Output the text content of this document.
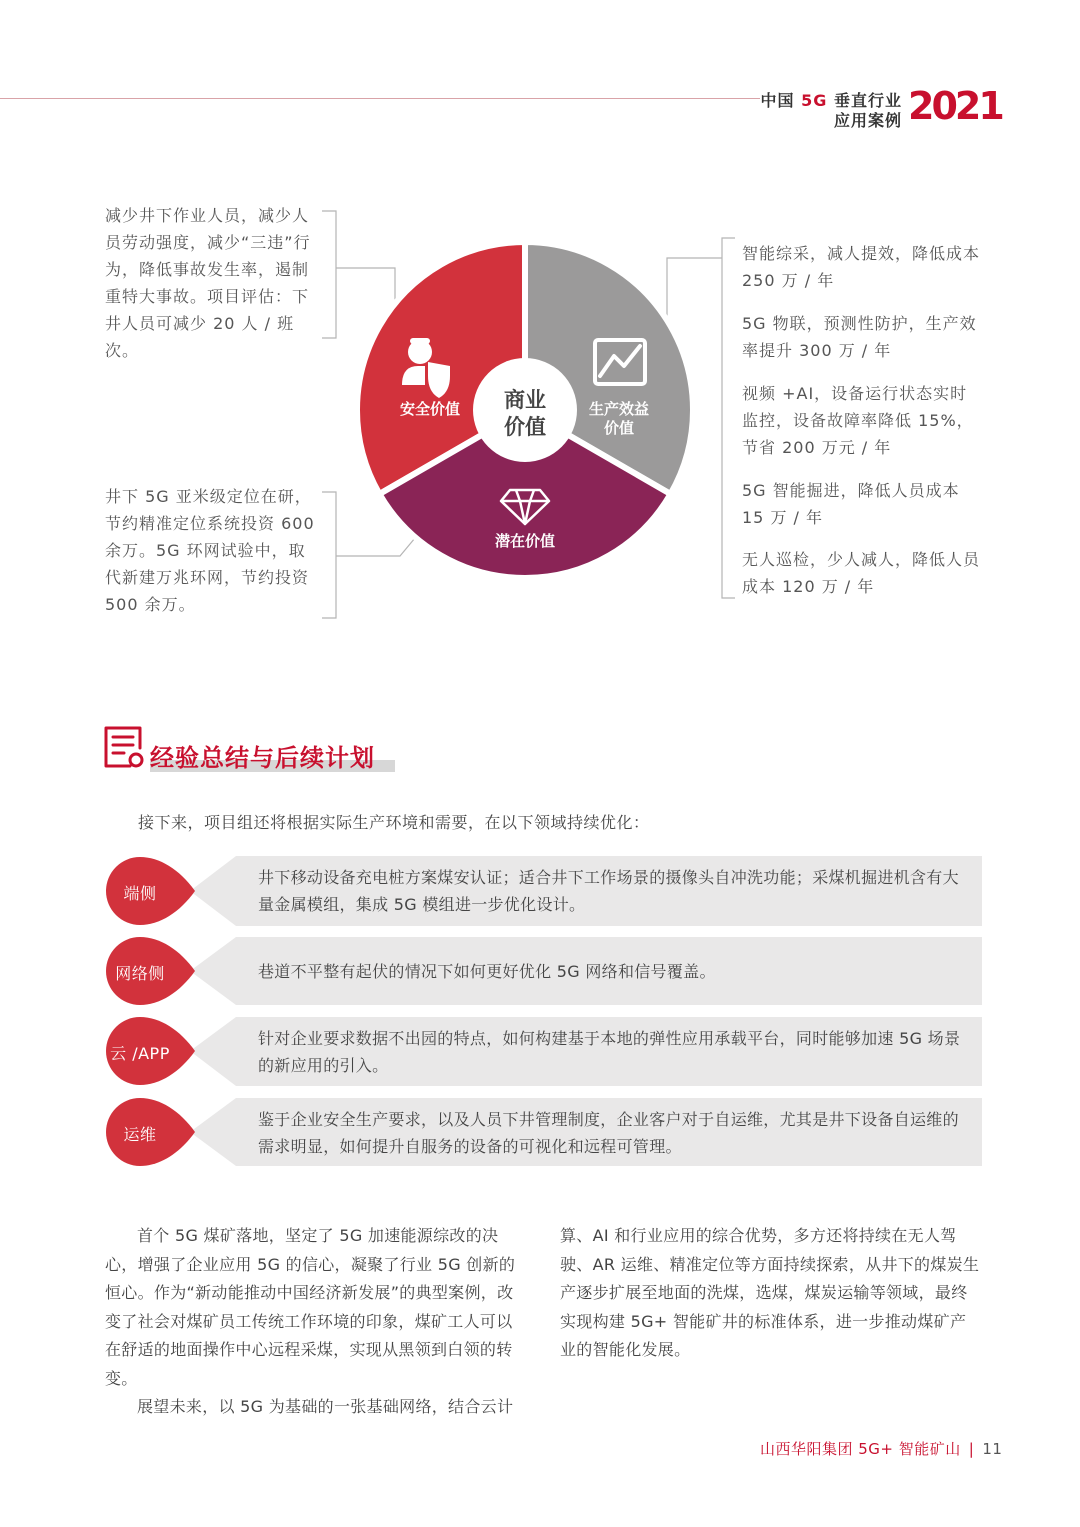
中国 5G 垂直行业
应用案例 2021
商业
价值
安全价值	生产效益
价值
潜在价值
减少井下作业人员，减少人员劳动强度，减少“三违”行为，降低事故发生率，遏制重特大事故。项目评估：下井人员可减少 20 人 / 班次。
井下 5G 亚米级定位在研，节约精准定位系统投资 600 余万。5G 环网试验中，取代新建万兆环网，节约投资 500 余万。
智能综采，减人提效，降低成本 250 万 / 年
5G 物联，预测性防护，生产效率提升 300 万 / 年
视频 +AI，设备运行状态实时监控，设备故障率降低 15%，节省 200 万元 / 年
5G 智能掘进，降低人员成本 15 万 / 年
无人巡检，少人减人，降低人员成本 120 万 / 年
经验总结与后续计划
接下来，项目组还将根据实际生产环境和需要，在以下领域持续优化：
端侧
井下移动设备充电桩方案煤安认证；适合井下工作场景的摄像头自冲洗功能；采煤机掘进机含有大量金属模组，集成 5G 模组进一步优化设计。
网络侧	巷道不平整有起伏的情况下如何更好优化 5G 网络和信号覆盖。
云 /APP
针对企业要求数据不出园的特点，如何构建基于本地的弹性应用承载平台，同时能够加速 5G 场景的新应用的引入。
运维
鉴于企业安全生产要求，以及人员下井管理制度，企业客户对于自运维，尤其是井下设备自运维的需求明显，如何提升自服务的设备的可视化和远程可管理。

首个 5G 煤矿落地，坚定了 5G 加速能源综改的决心，增强了企业应用 5G 的信心，凝聚了行业 5G 创新的恒心。作为“新动能推动中国经济新发展”的典型案例，改变了社会对煤矿员工传统工作环境的印象，煤矿工人可以在舒适的地面操作中心远程采煤，实现从黑领到白领的转变。

展望未来，以 5G 为基础的一张基础网络，结合云计

算、AI 和行业应用的综合优势，多方还将持续在无人驾驶、AR 运维、精准定位等方面持续探索，从井下的煤炭生产逐步扩展至地面的洗煤，选煤，煤炭运输等领域，最终实现构建 5G+ 智能矿井的标准体系，进一步推动煤矿产业的智能化发展。

山西华阳集团 5G+ 智能矿山 | 11
